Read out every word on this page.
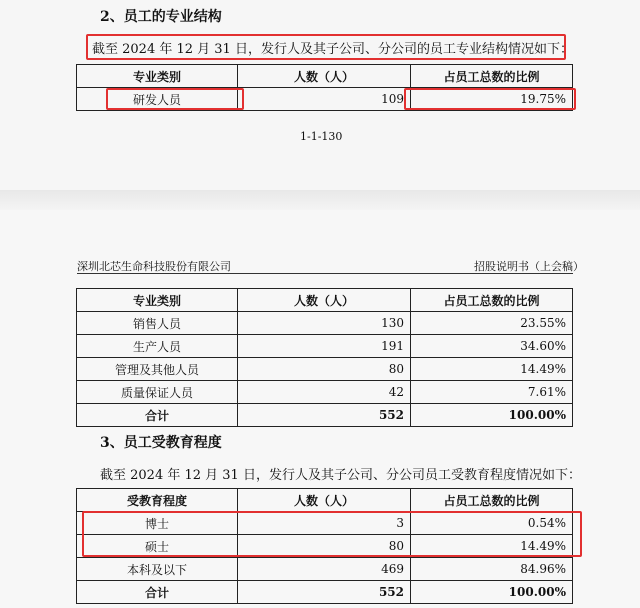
2、员工的专业结构
截至 2024 年 12 月 31 日，发行人及其子公司、分公司的员工专业结构情况如下：
专业类别	人数（人）	占员工总数的比例
研发人员	109	19.75%
1-1-130
深圳北芯生命科技股份有限公司	招股说明书（上会稿）
专业类别	人数（人）	占员工总数的比例
销售人员	130	23.55%
生产人员	191	34.60%
管理及其他人员	80	14.49%
质量保证人员	42	7.61%
合计	552	100.00%
3、员工受教育程度
截至 2024 年 12 月 31 日，发行人及其子公司、分公司员工受教育程度情况如下：
受教育程度	人数（人）	占员工总数的比例
博士	3	0.54%
硕士	80	14.49%
本科及以下	469	84.96%
合计	552	100.00%
